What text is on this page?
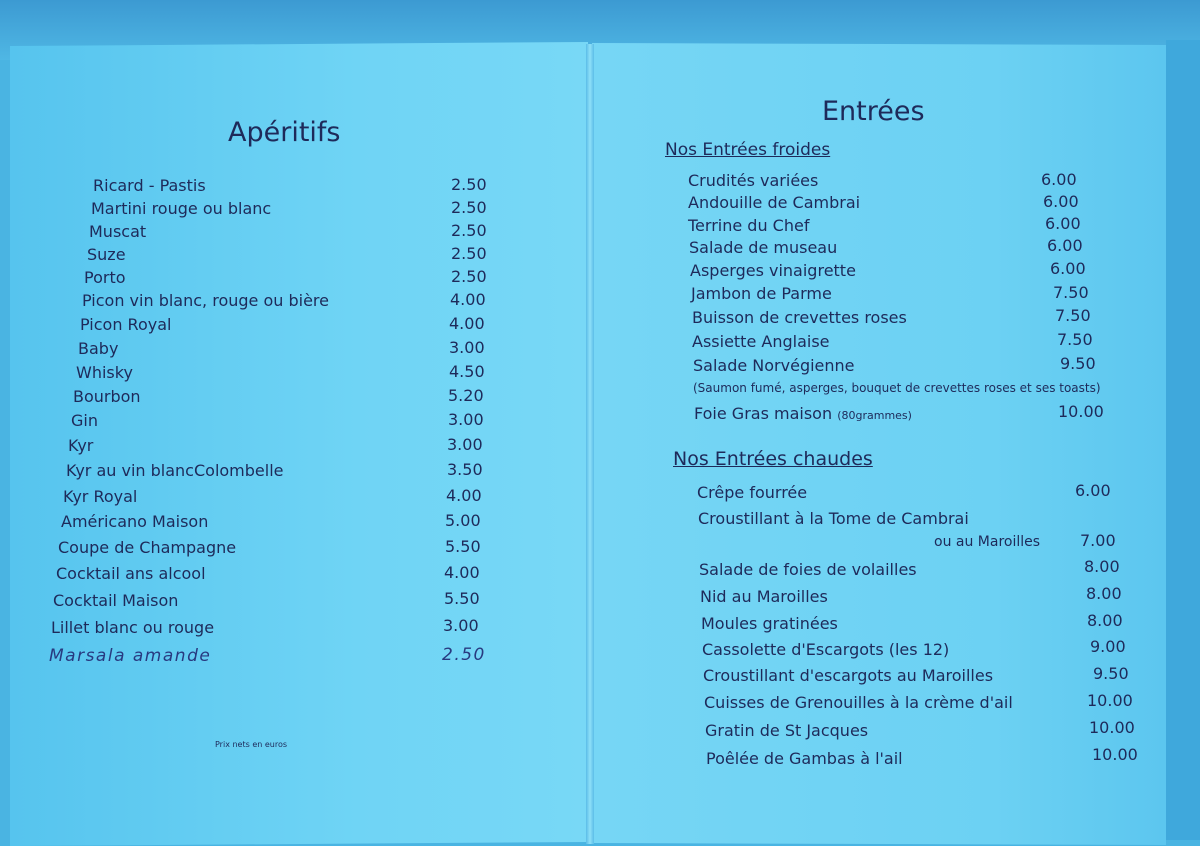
Apéritifs
Ricard - Pastis	2.50
Martini rouge ou blanc	2.50
Muscat	2.50
Suze	2.50
Porto	2.50
Picon vin blanc, rouge ou bière	4.00
Picon Royal	4.00
Baby	3.00
Whisky	4.50
Bourbon	5.20
Gin	3.00
Kyr	3.00
Kyr au vin blancColombelle	3.50
Kyr Royal	4.00
Américano Maison	5.00
Coupe de Champagne	5.50
Cocktail ans alcool	4.00
Cocktail Maison	5.50
Lillet blanc ou rouge	3.00
Marsala amande	2.50
Prix nets en euros
Entrées
Nos Entrées froides
Crudités variées	6.00
Andouille de Cambrai	6.00
Terrine du Chef	6.00
Salade de museau	6.00
Asperges vinaigrette	6.00
Jambon de Parme	7.50
Buisson de crevettes roses	7.50
Assiette Anglaise	7.50
Salade Norvégienne	9.50
(Saumon fumé, asperges, bouquet de crevettes roses et ses toasts)
Foie Gras maison (80grammes)	10.00
Nos Entrées chaudes
Crêpe fourrée	6.00
Croustillant à la Tome de Cambrai
ou au Maroilles 7.00
Salade de foies de volailles	8.00
Nid au Maroilles	8.00
Moules gratinées	8.00
Cassolette d'Escargots (les 12)	9.00
Croustillant d'escargots au Maroilles	9.50
Cuisses de Grenouilles à la crème d'ail	10.00
Gratin de St Jacques	10.00
Poêlée de Gambas à l'ail	10.00
